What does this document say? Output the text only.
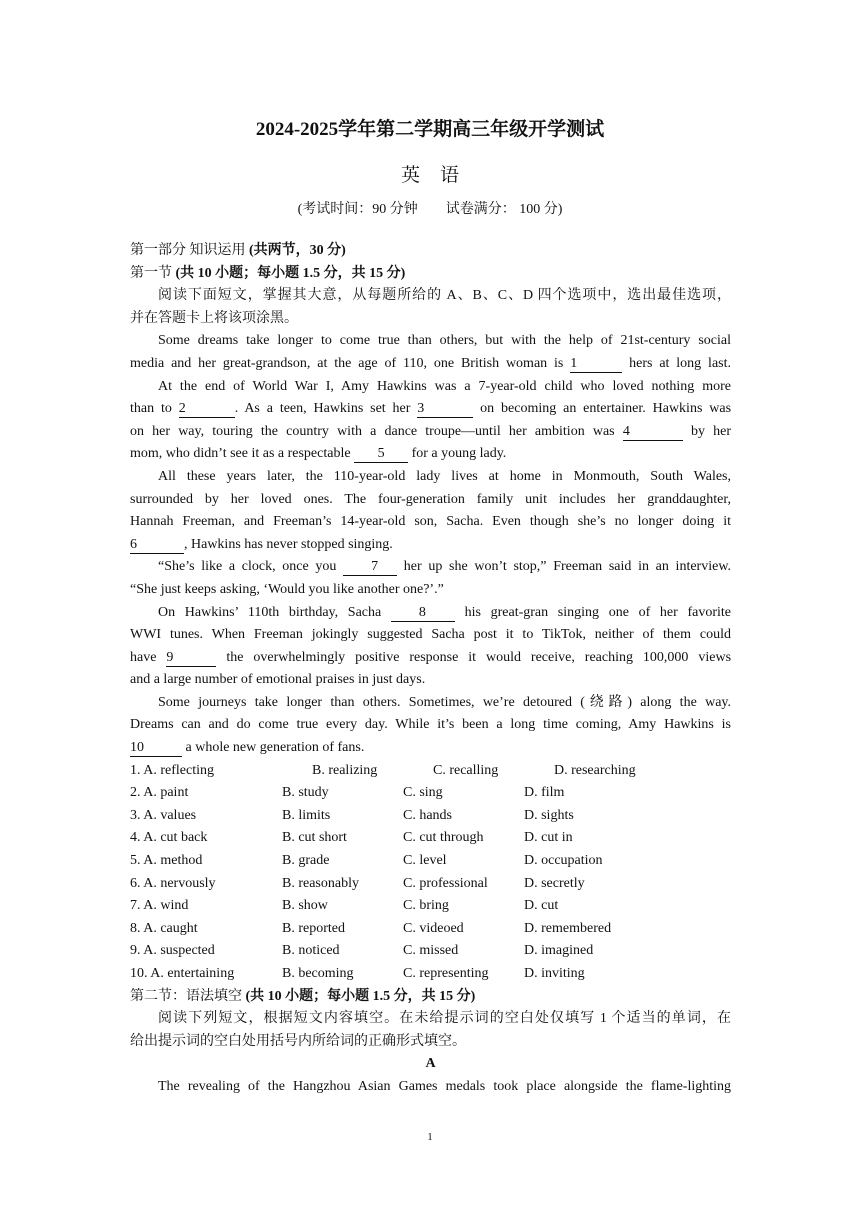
2024-2025学年第二学期高三年级开学测试
英 语
(考试时间：90 分钟 试卷满分： 100 分)
第一部分 知识运用 (共两节，30 分)
第一节 (共 10 小题；每小题 1.5 分，共 15 分)
阅读下面短文，掌握其大意，从每题所给的 A、B、C、D 四个选项中，选出最佳选项，
并在答题卡上将该项涂黑。
Some dreams take longer to come true than others, but with the help of 21st-century social
media and her great-grandson, at the age of 110, one British woman is 1	hers at long last.
At the end of World War I, Amy Hawkins was a 7-year-old child who loved nothing more
than to 2	. As a teen, Hawkins set her 3	on becoming an entertainer. Hawkins was
on her way, touring the country with a dance troupe—until her ambition was 4	by her
mom, who didn’t see it as a respectable 5 for a young lady.
All these years later, the 110-year-old lady lives at home in Monmouth, South Wales,
surrounded by her loved ones. The four-generation family unit includes her granddaughter,
Hannah Freeman, and Freeman’s 14-year-old son, Sacha. Even though she’s no longer doing it
6	, Hawkins has never stopped singing.
“She’s like a clock, once you 7 her up she won’t stop,” Freeman said in an interview.
“She just keeps asking, ‘Would you like another one?’.”
On Hawkins’ 110th birthday, Sacha	8	his great-gran singing one of her favorite
WWI tunes. When Freeman jokingly suggested Sacha post it to TikTok, neither of them could
have 9	the overwhelmingly positive response it would receive, reaching 100,000 views
and a large number of emotional praises in just days.
Some journeys take longer than others. Sometimes, we’re detoured (绕路) along the way.
Dreams can and do come true every day. While it’s been a long time coming, Amy Hawkins is
10	a whole new generation of fans.
1. A. reflecting	B. realizing	C. recalling	D. researching
2. A. paint	B. study	C. sing	D. film
3. A. values	B. limits	C. hands	D. sights
4. A. cut back	B. cut short	C. cut through	D. cut in
5. A. method	B. grade	C. level	D. occupation
6. A. nervously	B. reasonably	C. professional	D. secretly
7. A. wind	B. show	C. bring	D. cut
8. A. caught	B. reported	C. videoed	D. remembered
9. A. suspected	B. noticed	C. missed	D. imagined
10. A. entertaining	B. becoming	C. representing	D. inviting
第二节：语法填空 (共 10 小题；每小题 1.5 分，共 15 分)
阅读下列短文，根据短文内容填空。在未给提示词的空白处仅填写 1 个适当的单词，在
给出提示词的空白处用括号内所给词的正确形式填空。
A
The revealing of the Hangzhou Asian Games medals took place alongside the flame-lighting
1
